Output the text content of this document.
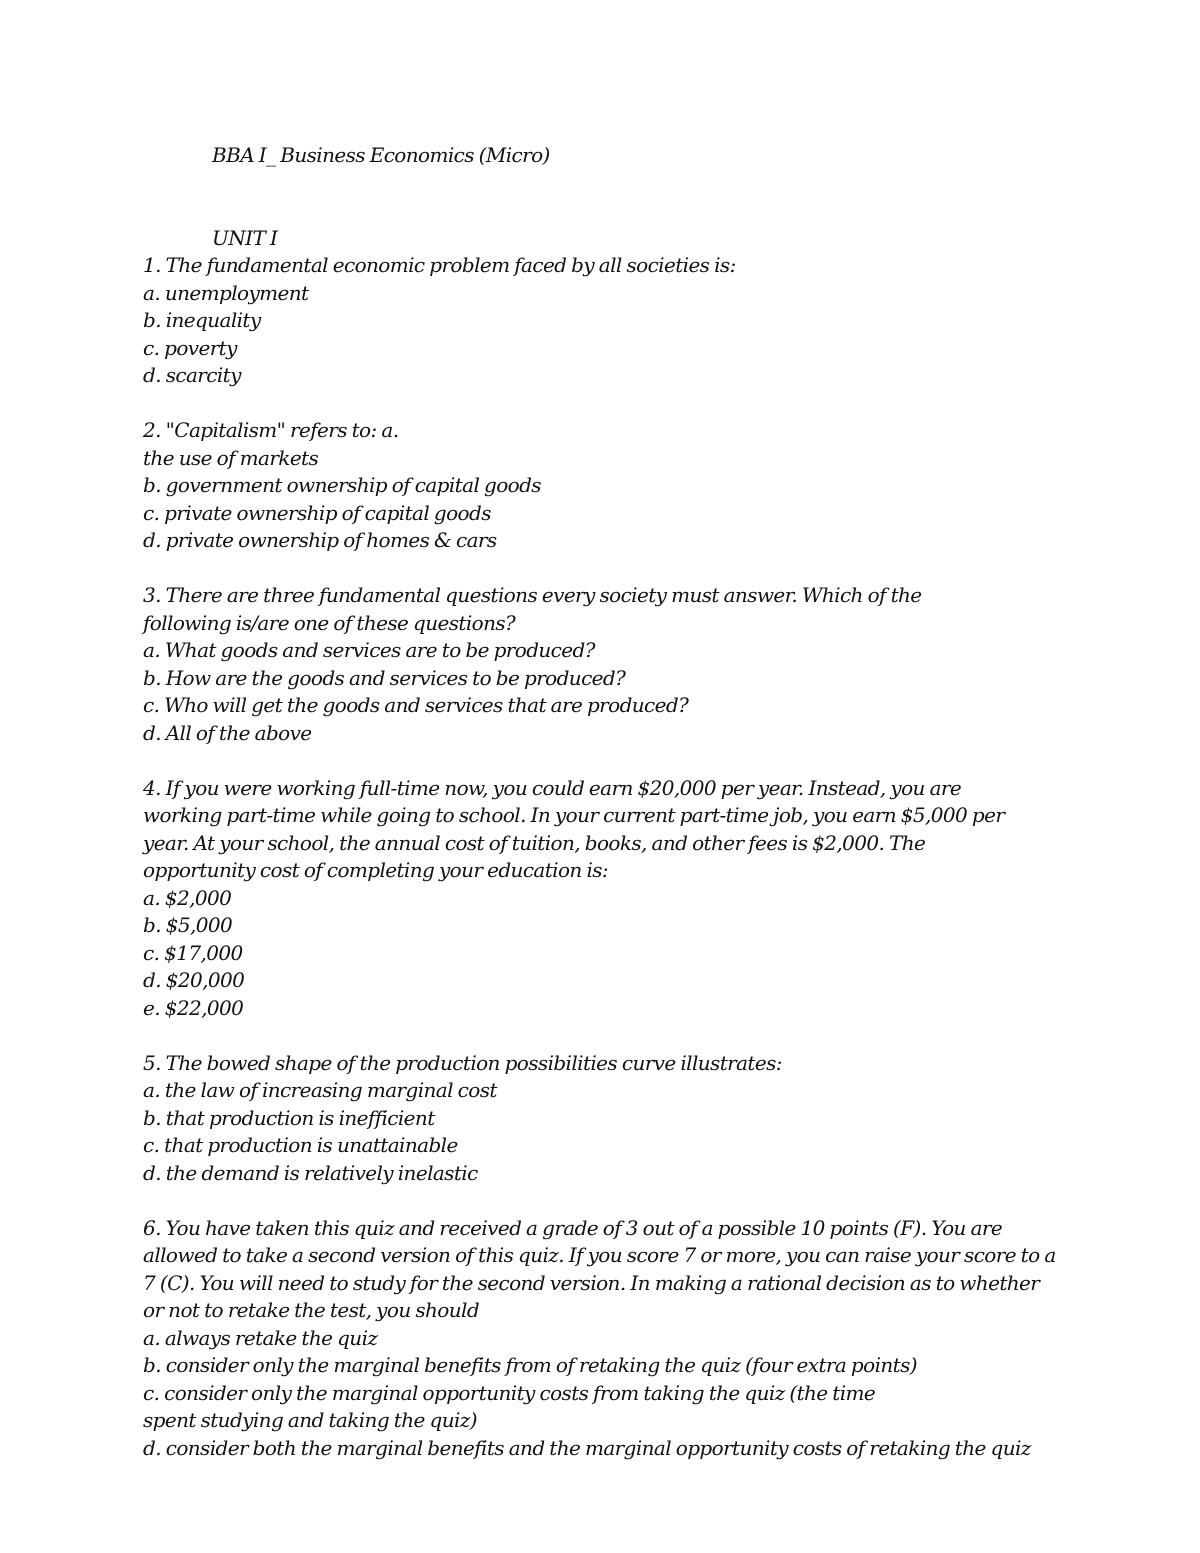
BBA I_ Business Economics (Micro)
UNIT I
1. The fundamental economic problem faced by all societies is:
a. unemployment
b. inequality
c. poverty
d. scarcity
2. "Capitalism" refers to: a.
the use of markets
b. government ownership of capital goods
c. private ownership of capital goods
d. private ownership of homes & cars
3. There are three fundamental questions every society must answer. Which of the
following is/are one of these questions?
a. What goods and services are to be produced?
b. How are the goods and services to be produced?
c. Who will get the goods and services that are produced?
d. All of the above
4. If you were working full-time now, you could earn $20,000 per year. Instead, you are
working part-time while going to school. In your current part-time job, you earn $5,000 per
year. At your school, the annual cost of tuition, books, and other fees is $2,000. The
opportunity cost of completing your education is:
a. $2,000
b. $5,000
c. $17,000
d. $20,000
e. $22,000
5. The bowed shape of the production possibilities curve illustrates:
a. the law of increasing marginal cost
b. that production is inefficient
c. that production is unattainable
d. the demand is relatively inelastic
6. You have taken this quiz and received a grade of 3 out of a possible 10 points (F). You are
allowed to take a second version of this quiz. If you score 7 or more, you can raise your score to a
7 (C). You will need to study for the second version. In making a rational decision as to whether
or not to retake the test, you should
a. always retake the quiz
b. consider only the marginal benefits from of retaking the quiz (four extra points)
c. consider only the marginal opportunity costs from taking the quiz (the time
spent studying and taking the quiz)
d. consider both the marginal benefits and the marginal opportunity costs of retaking the quiz
